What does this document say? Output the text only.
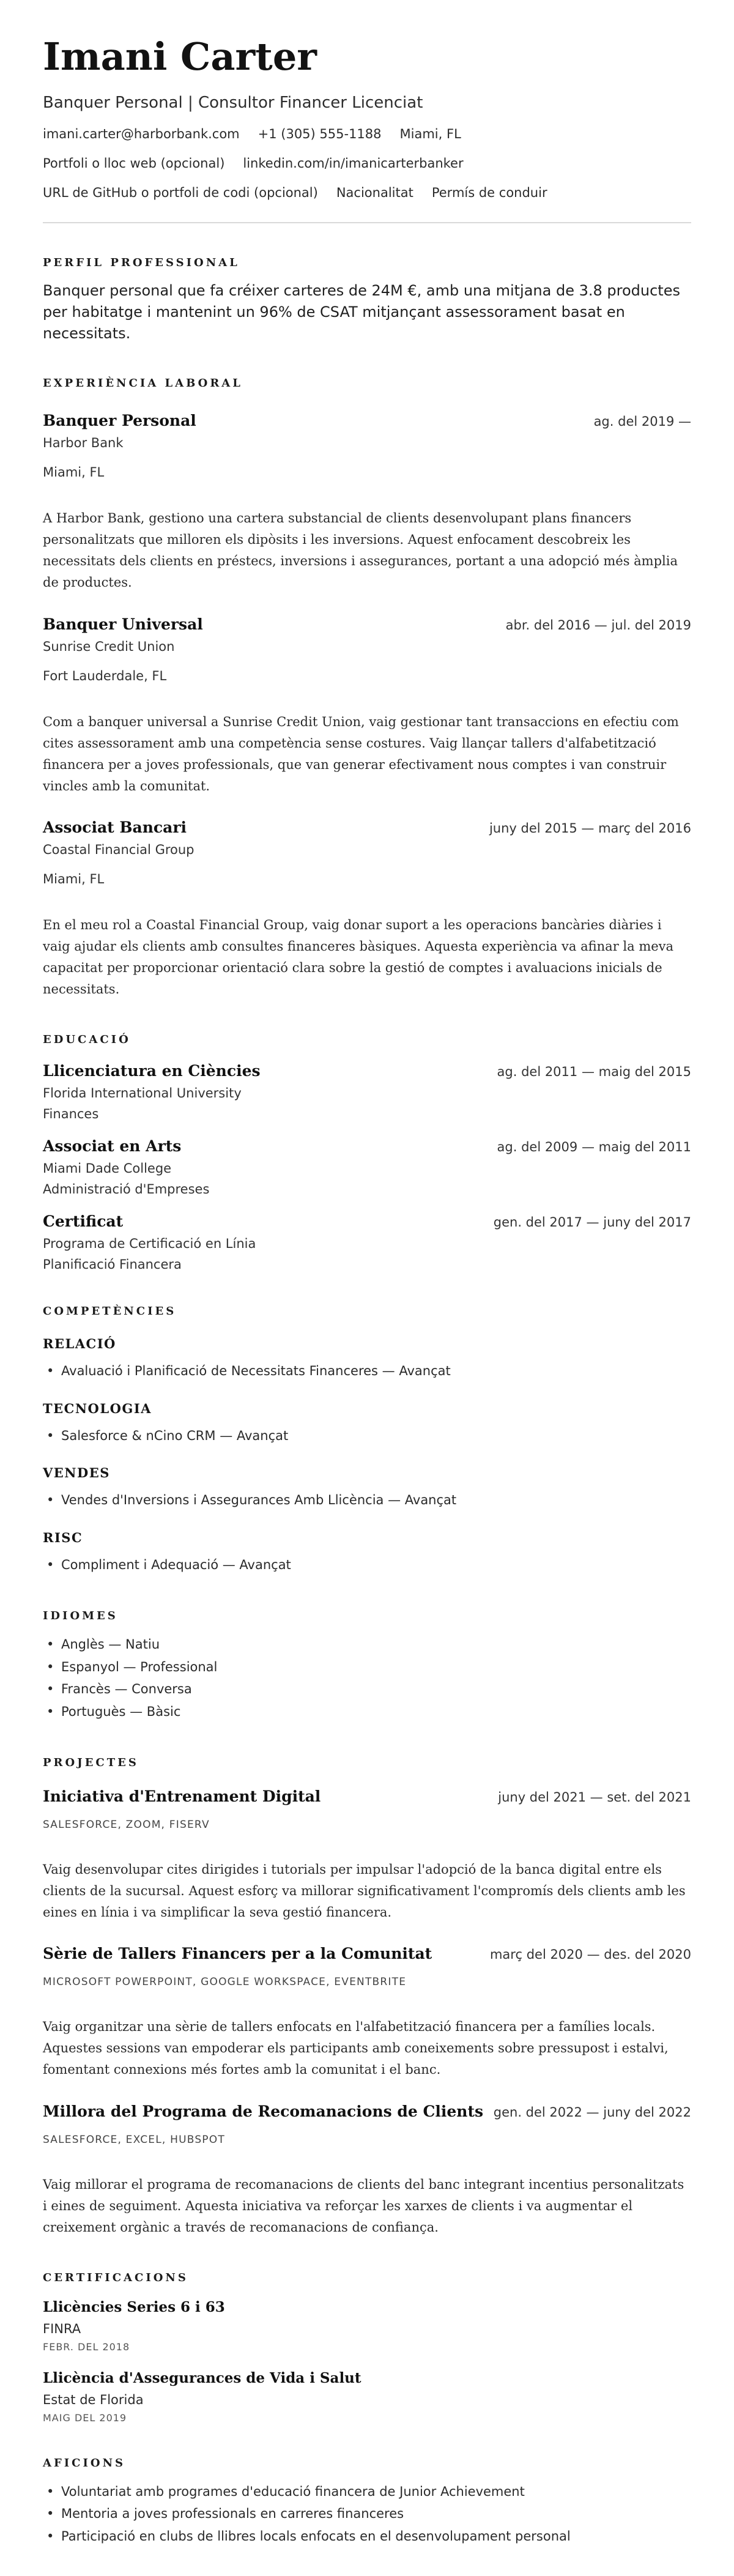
Imani Carter
Banquer Personal | Consultor Financer Licenciat
imani.carter@harborbank.com +1 (305) 555-1188 Miami, FL
Portfoli o lloc web (opcional) linkedin.com/in/imanicarterbanker
URL de GitHub o portfoli de codi (opcional) Nacionalitat Permís de conduir
PERFIL PROFESSIONAL
Banquer personal que fa créixer carteres de 24M €, amb una mitjana de 3.8 productes per habitatge i mantenint un 96% de CSAT mitjançant assessorament basat en necessitats.
EXPERIÈNCIA LABORAL
Banquer Personal	ag. del 2019 —
Harbor Bank
Miami, FL
A Harbor Bank, gestiono una cartera substancial de clients desenvolupant plans financers personalitzats que milloren els dipòsits i les inversions. Aquest enfocament descobreix les necessitats dels clients en préstecs, inversions i assegurances, portant a una adopció més àmplia de productes.
Banquer Universal	abr. del 2016 — jul. del 2019
Sunrise Credit Union
Fort Lauderdale, FL
Com a banquer universal a Sunrise Credit Union, vaig gestionar tant transaccions en efectiu com cites assessorament amb una competència sense costures. Vaig llançar tallers d'alfabetització financera per a joves professionals, que van generar efectivament nous comptes i van construir vincles amb la comunitat.
Associat Bancari	juny del 2015 — març del 2016
Coastal Financial Group
Miami, FL
En el meu rol a Coastal Financial Group, vaig donar suport a les operacions bancàries diàries i vaig ajudar els clients amb consultes financeres bàsiques. Aquesta experiència va afinar la meva capacitat per proporcionar orientació clara sobre la gestió de comptes i avaluacions inicials de necessitats.
EDUCACIÓ
Llicenciatura en Ciències	ag. del 2011 — maig del 2015
Florida International University
Finances
Associat en Arts	ag. del 2009 — maig del 2011
Miami Dade College
Administració d'Empreses
Certificat	gen. del 2017 — juny del 2017
Programa de Certificació en Línia
Planificació Financera
COMPETÈNCIES
RELACIÓ
• Avaluació i Planificació de Necessitats Financeres — Avançat
TECNOLOGIA
• Salesforce & nCino CRM — Avançat
VENDES
• Vendes d'Inversions i Assegurances Amb Llicència — Avançat
RISC
• Compliment i Adequació — Avançat
IDIOMES
• Anglès — Natiu
• Espanyol — Professional
• Francès — Conversa
• Portuguès — Bàsic
PROJECTES
Iniciativa d'Entrenament Digital	juny del 2021 — set. del 2021
SALESFORCE, ZOOM, FISERV
Vaig desenvolupar cites dirigides i tutorials per impulsar l'adopció de la banca digital entre els clients de la sucursal. Aquest esforç va millorar significativament l'compromís dels clients amb les eines en línia i va simplificar la seva gestió financera.
Sèrie de Tallers Financers per a la Comunitat	març del 2020 — des. del 2020
MICROSOFT POWERPOINT, GOOGLE WORKSPACE, EVENTBRITE
Vaig organitzar una sèrie de tallers enfocats en l'alfabetització financera per a famílies locals. Aquestes sessions van empoderar els participants amb coneixements sobre pressupost i estalvi, fomentant connexions més fortes amb la comunitat i el banc.
Millora del Programa de Recomanacions de Clients gen. del 2022 — juny del 2022
SALESFORCE, EXCEL, HUBSPOT
Vaig millorar el programa de recomanacions de clients del banc integrant incentius personalitzats i eines de seguiment. Aquesta iniciativa va reforçar les xarxes de clients i va augmentar el creixement orgànic a través de recomanacions de confiança.
CERTIFICACIONS
Llicències Series 6 i 63
FINRA
FEBR. DEL 2018
Llicència d'Assegurances de Vida i Salut
Estat de Florida
MAIG DEL 2019
AFICIONS
• Voluntariat amb programes d'educació financera de Junior Achievement
• Mentoria a joves professionals en carreres financeres
• Participació en clubs de llibres locals enfocats en el desenvolupament personal
